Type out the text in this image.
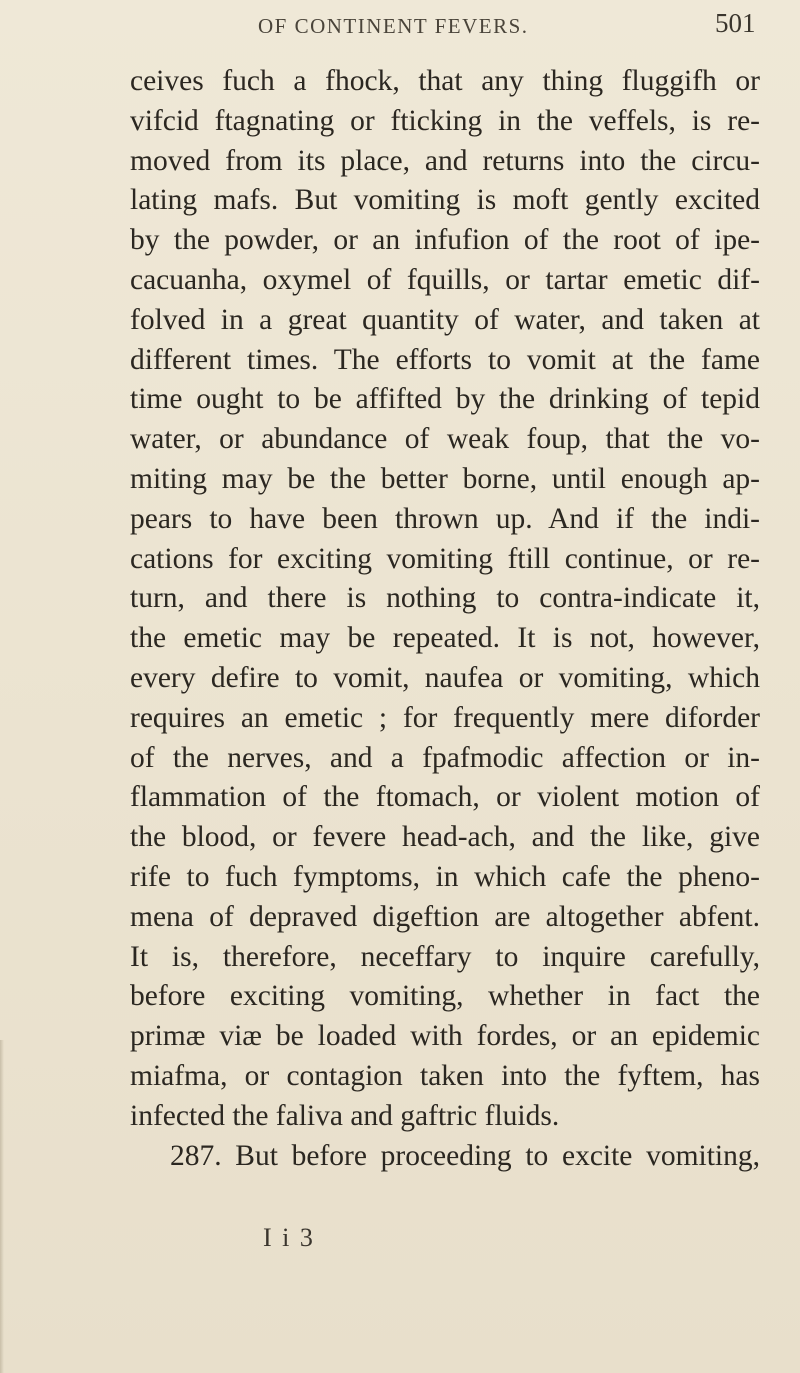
OF CONTINENT FEVERS.	501
ceives fuch a fhock, that any thing fluggifh or
vifcid ftagnating or fticking in the veffels, is re-
moved from its place, and returns into the circu-
lating mafs. But vomiting is moft gently excited
by the powder, or an infufion of the root of ipe-
cacuanha, oxymel of fquills, or tartar emetic dif-
folved in a great quantity of water, and taken at
different times. The efforts to vomit at the fame
time ought to be affifted by the drinking of tepid
water, or abundance of weak foup, that the vo-
miting may be the better borne, until enough ap-
pears to have been thrown up. And if the indi-
cations for exciting vomiting ftill continue, or re-
turn, and there is nothing to contra-indicate it,
the emetic may be repeated. It is not, however,
every defire to vomit, naufea or vomiting, which
requires an emetic ; for frequently mere diforder
of the nerves, and a fpafmodic affection or in-
flammation of the ftomach, or violent motion of
the blood, or fevere head-ach, and the like, give
rife to fuch fymptoms, in which cafe the pheno-
mena of depraved digeftion are altogether abfent.
It is, therefore, neceffary to inquire carefully,
before exciting vomiting, whether in fact the
primæ viæ be loaded with fordes, or an epidemic
miafma, or contagion taken into the fyftem, has
infected the faliva and gaftric fluids.
287. But before proceeding to excite vomiting,
I i 3
